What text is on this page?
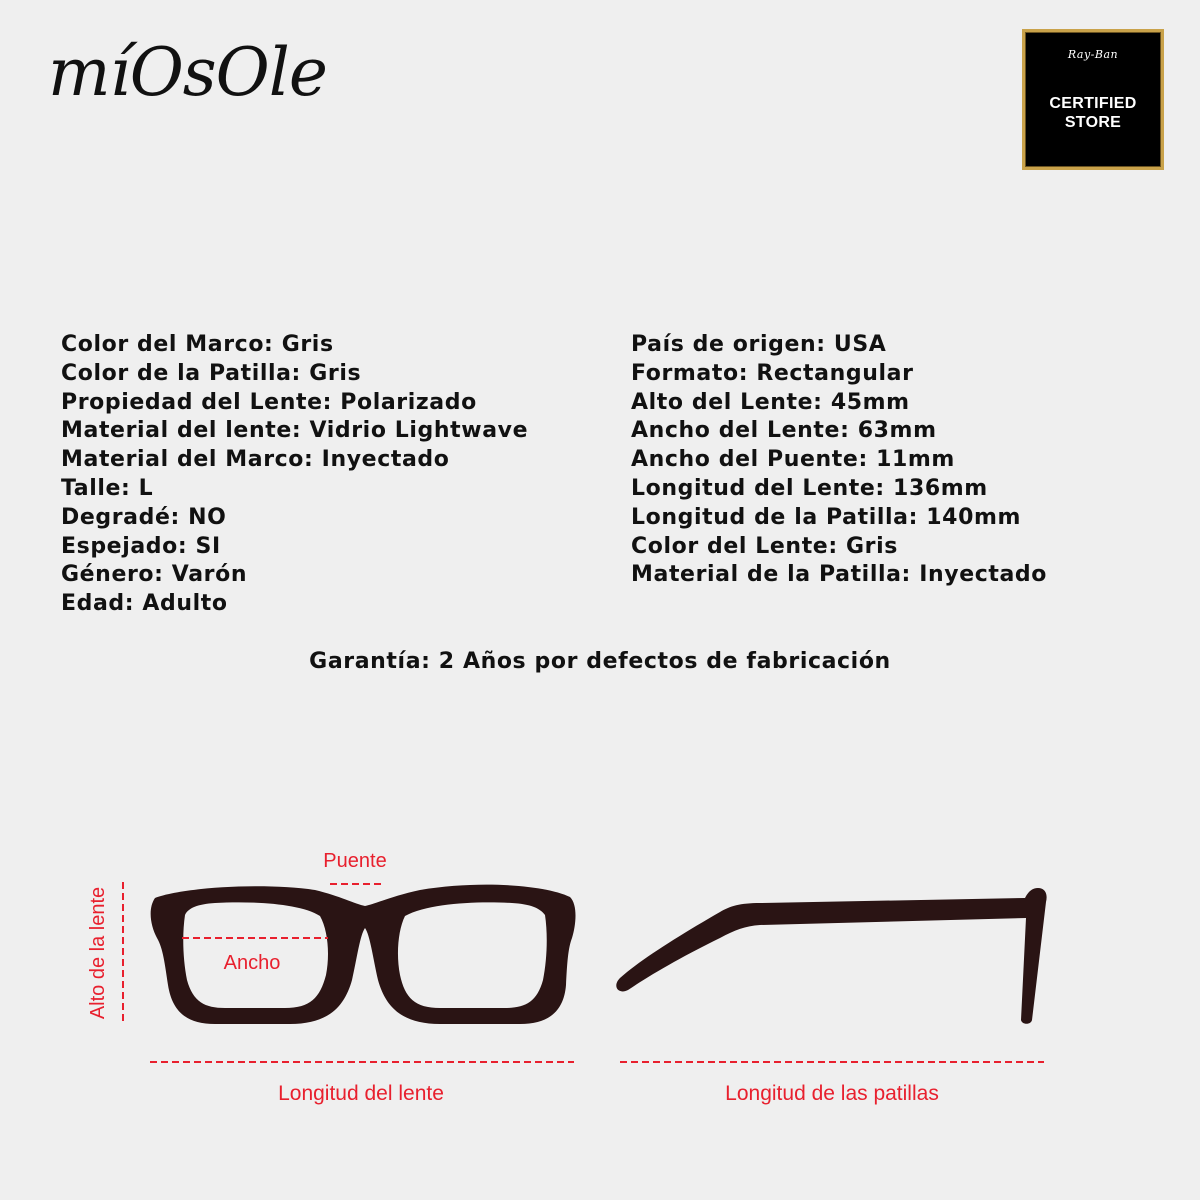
míOsOle	Ray-Ban
CERTIFIED
STORE
Color del Marco: Gris
Color de la Patilla: Gris
Propiedad del Lente: Polarizado
Material del lente: Vidrio Lightwave
Material del Marco: Inyectado
Talle: L
Degradé: NO
Espejado: SI
Género: Varón
Edad: Adulto
País de origen: USA
Formato: Rectangular
Alto del Lente: 45mm
Ancho del Lente: 63mm
Ancho del Puente: 11mm
Longitud del Lente: 136mm
Longitud de la Patilla: 140mm
Color del Lente: Gris
Material de la Patilla: Inyectado
Garantía: 2 Años por defectos de fabricación
Puente
Ancho
Alto de la lente
Longitud del lente	Longitud de las patillas
